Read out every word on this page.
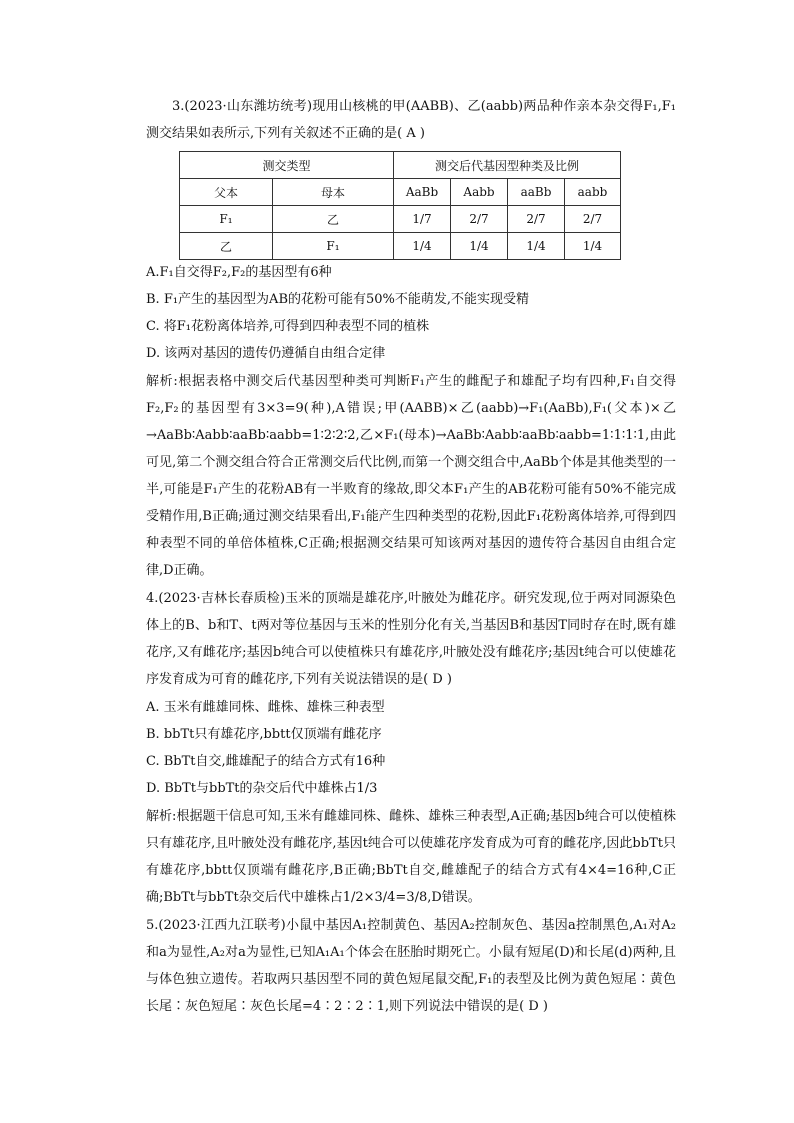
3.(2023·山东潍坊统考)现用山核桃的甲(AABB)、乙(aabb)两品种作亲本杂交得F₁,F₁测交结果如表所示,下列有关叙述不正确的是( A )

测交类型		测交后代基因型种类及比例			
父本	母本	AaBb	Aabb	aaBb	aabb
F₁	乙	1/7	2/7	2/7	2/7
乙	F₁	1/4	1/4	1/4	1/4

A.F₁自交得F₂,F₂的基因型有6种

B. F₁产生的基因型为AB的花粉可能有50%不能萌发,不能实现受精

C. 将F₁花粉离体培养,可得到四种表型不同的植株

D. 该两对基因的遗传仍遵循自由组合定律

解析:根据表格中测交后代基因型种类可判断F₁产生的雌配子和雄配子均有四种,F₁自交得F₂,F₂的基因型有3×3=9(种),A错误;甲(AABB)×乙(aabb)→F₁(AaBb),F₁(父本)×乙→AaBb∶Aabb∶aaBb∶aabb=1∶2∶2∶2,乙×F₁(母本)→AaBb∶Aabb∶aaBb∶aabb=1∶1∶1∶1,由此可见,第二个测交组合符合正常测交后代比例,而第一个测交组合中,AaBb个体是其他类型的一半,可能是F₁产生的花粉AB有一半败育的缘故,即父本F₁产生的AB花粉可能有50%不能完成受精作用,B正确;通过测交结果看出,F₁能产生四种类型的花粉,因此F₁花粉离体培养,可得到四种表型不同的单倍体植株,C正确;根据测交结果可知该两对基因的遗传符合基因自由组合定律,D正确。

4.(2023·吉林长春质检)玉米的顶端是雄花序,叶腋处为雌花序。研究发现,位于两对同源染色体上的B、b和T、t两对等位基因与玉米的性别分化有关,当基因B和基因T同时存在时,既有雄花序,又有雌花序;基因b纯合可以使植株只有雄花序,叶腋处没有雌花序;基因t纯合可以使雄花序发育成为可育的雌花序,下列有关说法错误的是( D )

A. 玉米有雌雄同株、雌株、雄株三种表型

B. bbTt只有雄花序,bbtt仅顶端有雌花序

C. BbTt自交,雌雄配子的结合方式有16种

D. BbTt与bbTt的杂交后代中雄株占1/3

解析:根据题干信息可知,玉米有雌雄同株、雌株、雄株三种表型,A正确;基因b纯合可以使植株只有雄花序,且叶腋处没有雌花序,基因t纯合可以使雄花序发育成为可育的雌花序,因此bbTt只有雄花序,bbtt仅顶端有雌花序,B正确;BbTt自交,雌雄配子的结合方式有4×4=16种,C正确;BbTt与bbTt杂交后代中雄株占1/2×3/4=3/8,D错误。

5.(2023·江西九江联考)小鼠中基因A₁控制黄色、基因A₂控制灰色、基因a控制黑色,A₁对A₂和a为显性,A₂对a为显性,已知A₁A₁个体会在胚胎时期死亡。小鼠有短尾(D)和长尾(d)两种,且与体色独立遗传。若取两只基因型不同的黄色短尾鼠交配,F₁的表型及比例为黄色短尾∶黄色长尾∶灰色短尾∶灰色长尾=4∶2∶2∶1,则下列说法中错误的是( D )
